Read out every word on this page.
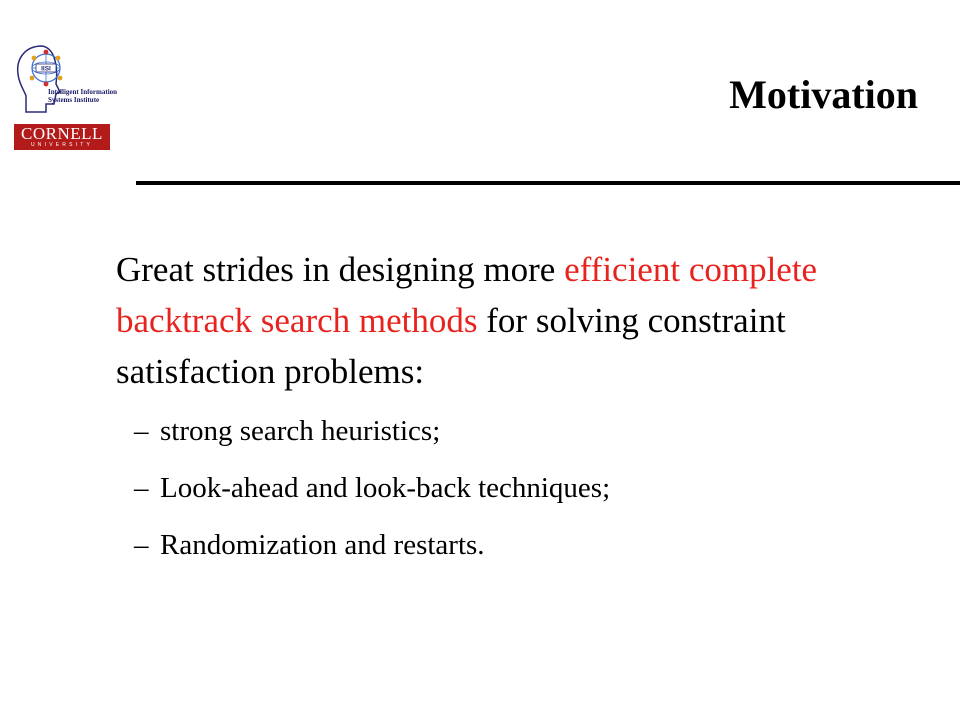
IISI
Intelligent Information
Systems Institute
CORNELL
UNIVERSITY
Motivation

Great strides in designing more efficient complete backtrack search methods for solving constraint satisfaction problems:

– strong search heuristics;
– Look-ahead and look-back techniques;
– Randomization and restarts.
